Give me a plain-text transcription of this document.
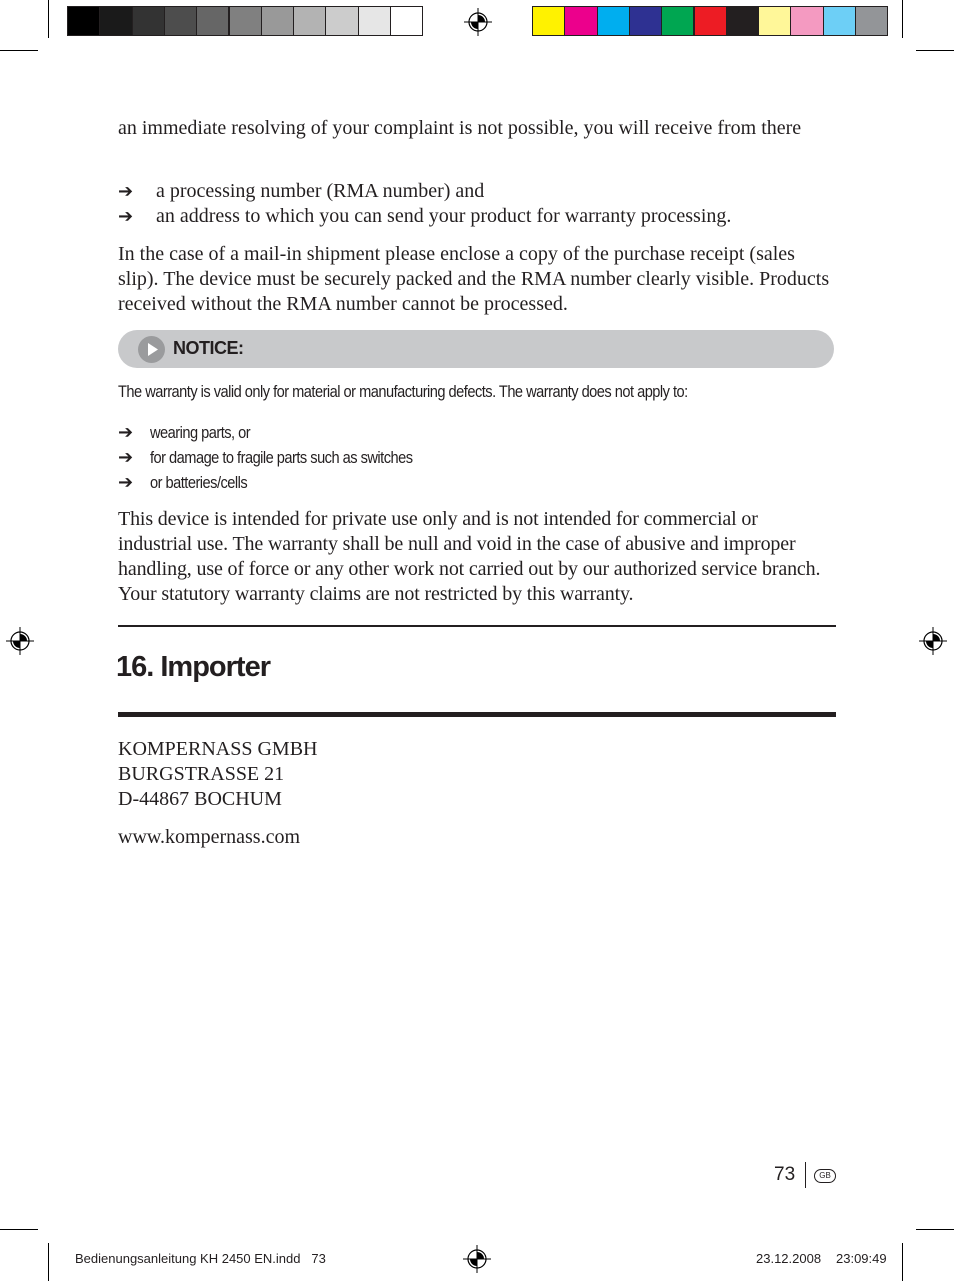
an immediate resolving of your complaint is not possible, you will receive from there
➔ a processing number (RMA number) and
➔ an address to which you can send your product for warranty processing.
In the case of a mail-in shipment please enclose a copy of the purchase receipt (sales slip). The device must be securely packed and the RMA number clearly visible. Products received without the RMA number cannot be processed.
NOTICE:
The warranty is valid only for material or manufacturing defects. The warranty does not apply to:
➔ wearing parts, or
➔ for damage to fragile parts such as switches
➔ or batteries/cells
This device is intended for private use only and is not intended for commercial or industrial use. The warranty shall be null and void in the case of abusive and improper handling, use of force or any other work not carried out by our authorized service branch. Your statutory warranty claims are not restricted by this warranty.
16. Importer
KOMPERNASS GMBH
BURGSTRASSE 21
D-44867 BOCHUM
www.kompernass.com
73	GB
Bedienungsanleitung KH 2450 EN.indd   73	23.12.2008 23:09:49
